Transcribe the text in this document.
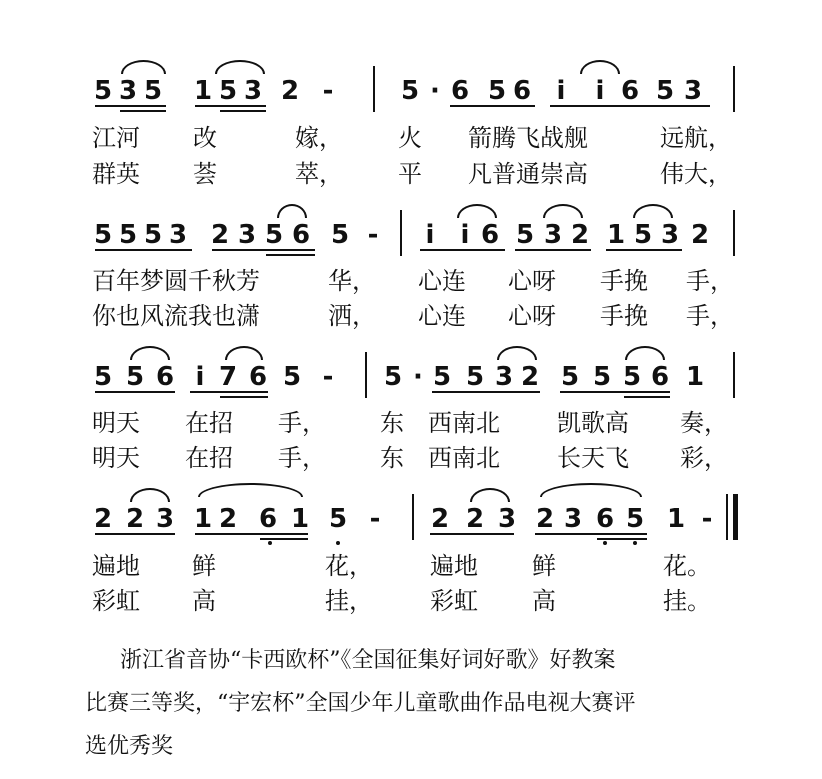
5 3 5 1 5 3 2 -	5 · 6 5 6 i i 6 5 3
江河 改	嫁， 火 箭腾飞战舰	远航，
群英 荟	萃， 平 凡普通崇高	伟大，
5 5 5 3 2 3 5 6 5 - i i 6 5 3 2 1 5 3 2
百年梦圆千秋芳	华， 心连 心呀 手挽 手，
你也风流我也潇	洒， 心连 心呀 手挽 手，
5 5 6 i 7 6 5 - 5 · 5 5 3 2 5 5 5 6 1
明天 在招 手， 东 西南北 凯歌高 奏，
明天 在招 手， 东 西南北 长天飞 彩，
2 2 3 1 2 6 1 5 - 2 2 3 2 3 6 5 1 -
遍地 鲜	花， 遍地 鲜	花。
彩虹 高	挂， 彩虹 高	挂。
浙江省音协“卡西欧杯”《全国征集好词好歌》好教案
比赛三等奖，“宇宏杯”全国少年儿童歌曲作品电视大赛评
选优秀奖
